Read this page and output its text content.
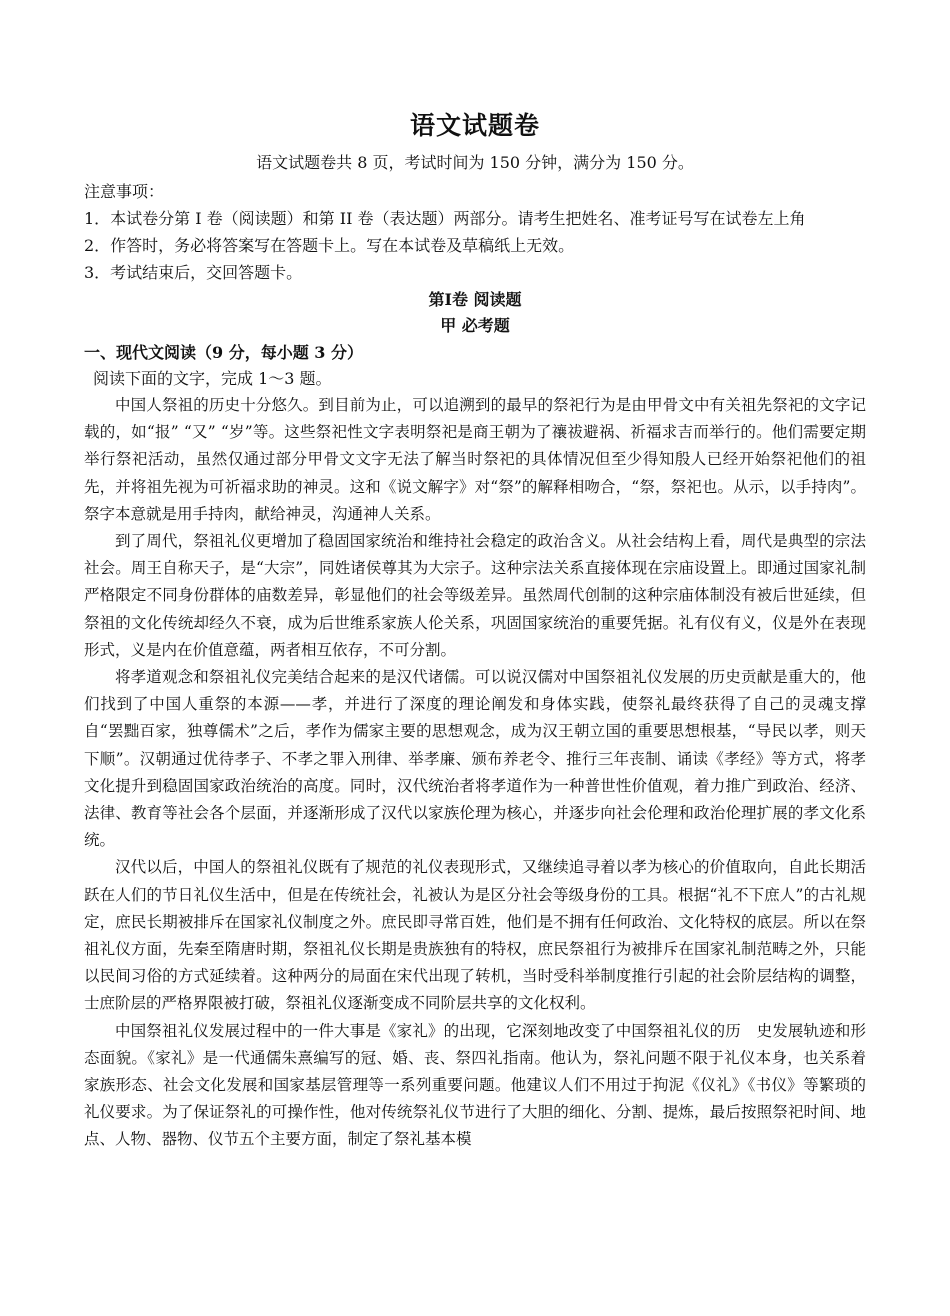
语文试题卷
语文试题卷共 8 页，考试时间为 150 分钟，满分为 150 分。
注意事项：
1．本试卷分第 I 卷（阅读题）和第 II 卷（表达题）两部分。请考生把姓名、准考证号写在试卷左上角
2．作答时，务必将答案写在答题卡上。写在本试卷及草稿纸上无效。
3．考试结束后，交回答题卡。
第Ⅰ卷 阅读题
甲 必考题
一、现代文阅读（9 分，每小题 3 分）
阅读下面的文字，完成 1～3 题。

中国人祭祖的历史十分悠久。到目前为止，可以追溯到的最早的祭祀行为是由甲骨文中有关祖先祭祀的文字记载的，如“报” “又” “岁”等。这些祭祀性文字表明祭祀是商王朝为了禳祓避祸、祈福求吉而举行的。他们需要定期举行祭祀活动，虽然仅通过部分甲骨文文字无法了解当时祭祀的具体情况但至少得知殷人已经开始祭祀他们的祖先，并将祖先视为可祈福求助的神灵。这和《说文解字》对“祭”的解释相吻合，“祭，祭祀也。从示，以手持肉”。祭字本意就是用手持肉，献给神灵，沟通神人关系。

到了周代，祭祖礼仪更增加了稳固国家统治和维持社会稳定的政治含义。从社会结构上看，周代是典型的宗法社会。周王自称天子，是“大宗”，同姓诸侯尊其为大宗子。这种宗法关系直接体现在宗庙设置上。即通过国家礼制严格限定不同身份群体的庙数差异，彰显他们的社会等级差异。虽然周代创制的这种宗庙体制没有被后世延续，但祭祖的文化传统却经久不衰，成为后世维系家族人伦关系，巩固国家统治的重要凭据。礼有仪有义，仪是外在表现形式，义是内在价值意蕴，两者相互依存，不可分割。

将孝道观念和祭祖礼仪完美结合起来的是汉代诸儒。可以说汉儒对中国祭祖礼仪发展的历史贡献是重大的，他们找到了中国人重祭的本源——孝，并进行了深度的理论阐发和身体实践，使祭礼最终获得了自己的灵魂支撑自“罢黜百家，独尊儒术”之后，孝作为儒家主要的思想观念，成为汉王朝立国的重要思想根基，“导民以孝，则天下顺”。汉朝通过优待孝子、不孝之罪入刑律、举孝廉、颁布养老令、推行三年丧制、诵读《孝经》等方式，将孝文化提升到稳固国家政治统治的高度。同时，汉代统治者将孝道作为一种普世性价值观，着力推广到政治、经济、法律、教育等社会各个层面，并逐渐形成了汉代以家族伦理为核心，并逐步向社会伦理和政治伦理扩展的孝文化系统。

汉代以后，中国人的祭祖礼仪既有了规范的礼仪表现形式，又继续追寻着以孝为核心的价值取向，自此长期活跃在人们的节日礼仪生活中，但是在传统社会，礼被认为是区分社会等级身份的工具。根据“礼不下庶人”的古礼规定，庶民长期被排斥在国家礼仪制度之外。庶民即寻常百姓，他们是不拥有任何政治、文化特权的底层。所以在祭祖礼仪方面，先秦至隋唐时期，祭祖礼仪长期是贵族独有的特权，庶民祭祖行为被排斥在国家礼制范畴之外，只能以民间习俗的方式延续着。这种两分的局面在宋代出现了转机，当时受科举制度推行引起的社会阶层结构的调整，士庶阶层的严格界限被打破，祭祖礼仪逐渐变成不同阶层共享的文化权利。

中国祭祖礼仪发展过程中的一件大事是《家礼》的出现，它深刻地改变了中国祭祖礼仪的历　史发展轨迹和形态面貌。《家礼》是一代通儒朱熹编写的冠、婚、丧、祭四礼指南。他认为，祭礼问题不限于礼仪本身，也关系着家族形态、社会文化发展和国家基层管理等一系列重要问题。他建议人们不用过于拘泥《仪礼》《书仪》等繁琐的礼仪要求。为了保证祭礼的可操作性，他对传统祭礼仪节进行了大胆的细化、分割、提炼，最后按照祭祀时间、地点、人物、器物、仪节五个主要方面，制定了祭礼基本模
